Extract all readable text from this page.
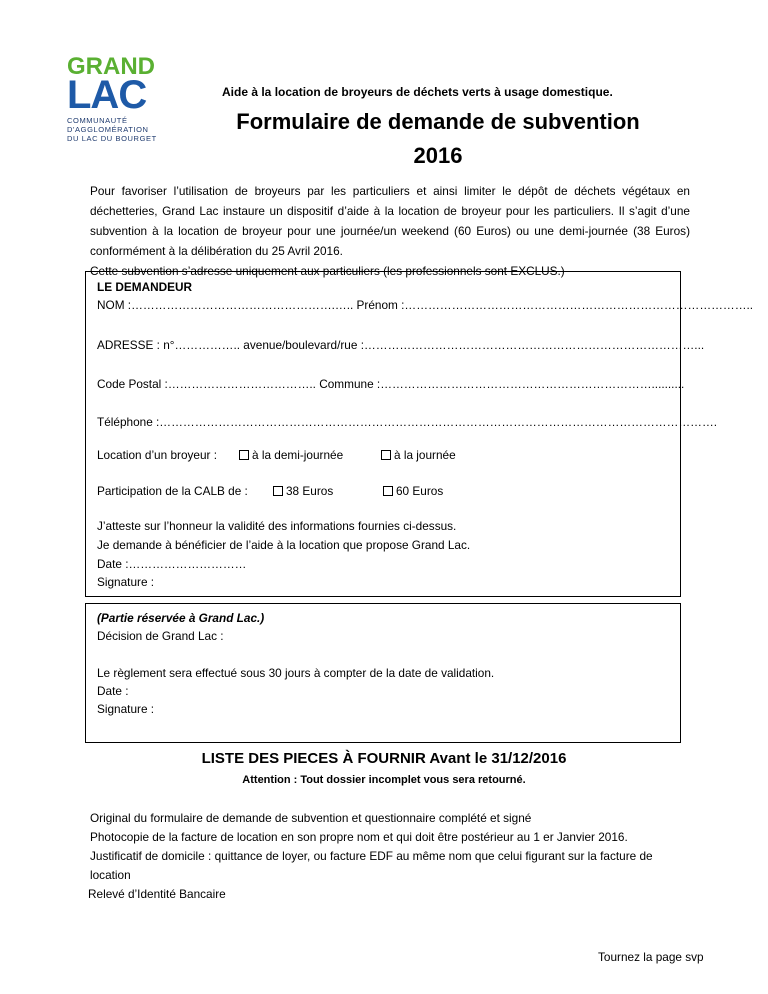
GRAND
LAC
COMMUNAUTÉ
D'AGGLOMÉRATION
DU LAC DU BOURGET
Aide à la location de broyeurs de déchets verts à usage domestique.
Formulaire de demande de subvention
2016

Pour favoriser l’utilisation de broyeurs par les particuliers et ainsi limiter le dépôt de déchets végétaux en déchetteries, Grand Lac instaure un dispositif d’aide à la location de broyeur pour les particuliers. Il s’agit d’une subvention à la location de broyeur pour une journée/un weekend (60 Euros) ou une demi-journée (38 Euros) conformément à la délibération du 25 Avril 2016.

Cette subvention s’adresse uniquement aux particuliers (les professionnels sont EXCLUS.)

LE DEMANDEUR
NOM :…………………………………………….….. Prénom :……………………………………………………………………………..
ADRESSE : n°…………….. avenue/boulevard/rue :…………………………………………………………………………...
Code Postal :……………………………….. Commune :……………………………………………………………..........
Téléphone :…………………………………………………………………………………………………………………………….
Location d’un broyeur :	à la demi-journée	à la journée
Participation de la CALB de :	38 Euros	60 Euros
J’atteste sur l’honneur la validité des informations fournies ci-dessus.
Je demande à bénéficier de l’aide à la location que propose Grand Lac.
Date :…………………………
Signature :
(Partie réservée à Grand Lac.)
Décision de Grand Lac :
Le règlement sera effectué sous 30 jours à compter de la date de validation.
Date :
Signature :
LISTE DES PIECES À FOURNIR Avant le 31/12/2016
Attention : Tout dossier incomplet vous sera retourné.
Original du formulaire de demande de subvention et questionnaire complété et signé
Photocopie de la facture de location en son propre nom et qui doit être postérieur au 1 er Janvier 2016.
Justificatif de domicile : quittance de loyer, ou facture EDF au même nom que celui figurant sur la facture de location
Relevé d’Identité Bancaire
Tournez la page svp
